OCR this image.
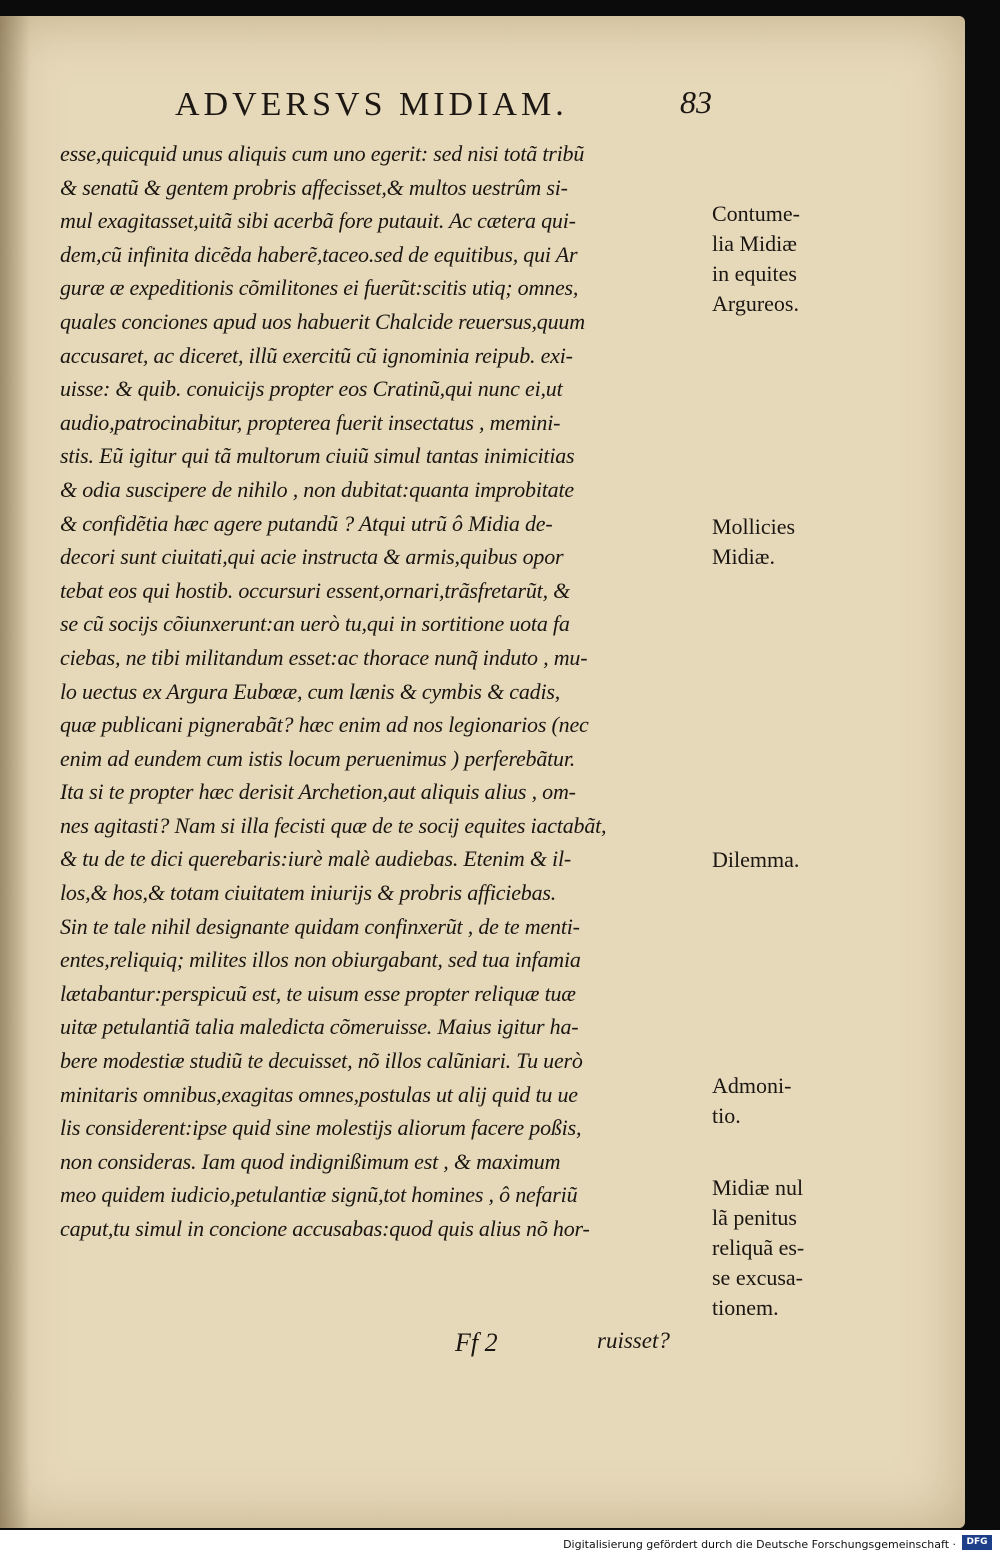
ADVERSVS MIDIAM.	83
esse,quicquid unus aliquis cum uno egerit: sed nisi totã tribũ
& senatũ & gentem probris affecisset,& multos uestrûm si-
mul exagitasset,uitã sibi acerbã fore putauit. Ac cætera qui-
dem,cũ infinita dicẽda haberẽ,taceo.sed de equitibus, qui Ar
guræ æ expeditionis cõmilitones ei fuerũt:scitis utiq; omnes,
quales conciones apud uos habuerit Chalcide reuersus,quum
accusaret, ac diceret, illũ exercitũ cũ ignominia reipub. exi-
uisse: & quib. conuicijs propter eos Cratinũ,qui nunc ei,ut
audio,patrocinabitur, propterea fuerit insectatus , memini-
stis. Eũ igitur qui tã multorum ciuiũ simul tantas inimicitias
& odia suscipere de nihilo , non dubitat:quanta improbitate
& confidẽtia hæc agere putandũ ? Atqui utrũ ô Midia de-
decori sunt ciuitati,qui acie instructa & armis,quibus opor
tebat eos qui hostib. occursuri essent,ornari,trãsfretarũt, &
se cũ socijs cõiunxerunt:an uerò tu,qui in sortitione uota fa
ciebas, ne tibi militandum esset:ac thorace nunq̃ induto , mu-
lo uectus ex Argura Eubœæ, cum lænis & cymbis & cadis,
quæ publicani pignerabãt? hæc enim ad nos legionarios (nec
enim ad eundem cum istis locum peruenimus ) perferebãtur.
Ita si te propter hæc derisit Archetion,aut aliquis alius , om-
nes agitasti? Nam si illa fecisti quæ de te socij equites iactabãt,
& tu de te dici querebaris:iurè malè audiebas. Etenim & il-
los,& hos,& totam ciuitatem iniurijs & probris afficiebas.
Sin te tale nihil designante quidam confinxerũt , de te menti-
entes,reliquiq; milites illos non obiurgabant, sed tua infamia
lætabantur:perspicuũ est, te uisum esse propter reliquæ tuæ
uitæ petulantiã talia maledicta cõmeruisse. Maius igitur ha-
bere modestiæ studiũ te decuisset, nõ illos calũniari. Tu uerò
minitaris omnibus,exagitas omnes,postulas ut alij quid tu ue
lis considerent:ipse quid sine molestijs aliorum facere poßis,
non consideras. Iam quod indignißimum est , & maximum
meo quidem iudicio,petulantiæ signũ,tot homines , ô nefariũ
caput,tu simul in concione accusabas:quod quis alius nõ hor-
Contume-
lia Midiæ
in equites
Argureos.
Mollicies
Midiæ.
Dilemma.
Admoni-
tio.
Midiæ nul
lã penitus
reliquã es-
se excusa-
tionem.
Ff 2	ruisset?
Digitalisierung gefördert durch die Deutsche Forschungsgemeinschaft ·	DFG
